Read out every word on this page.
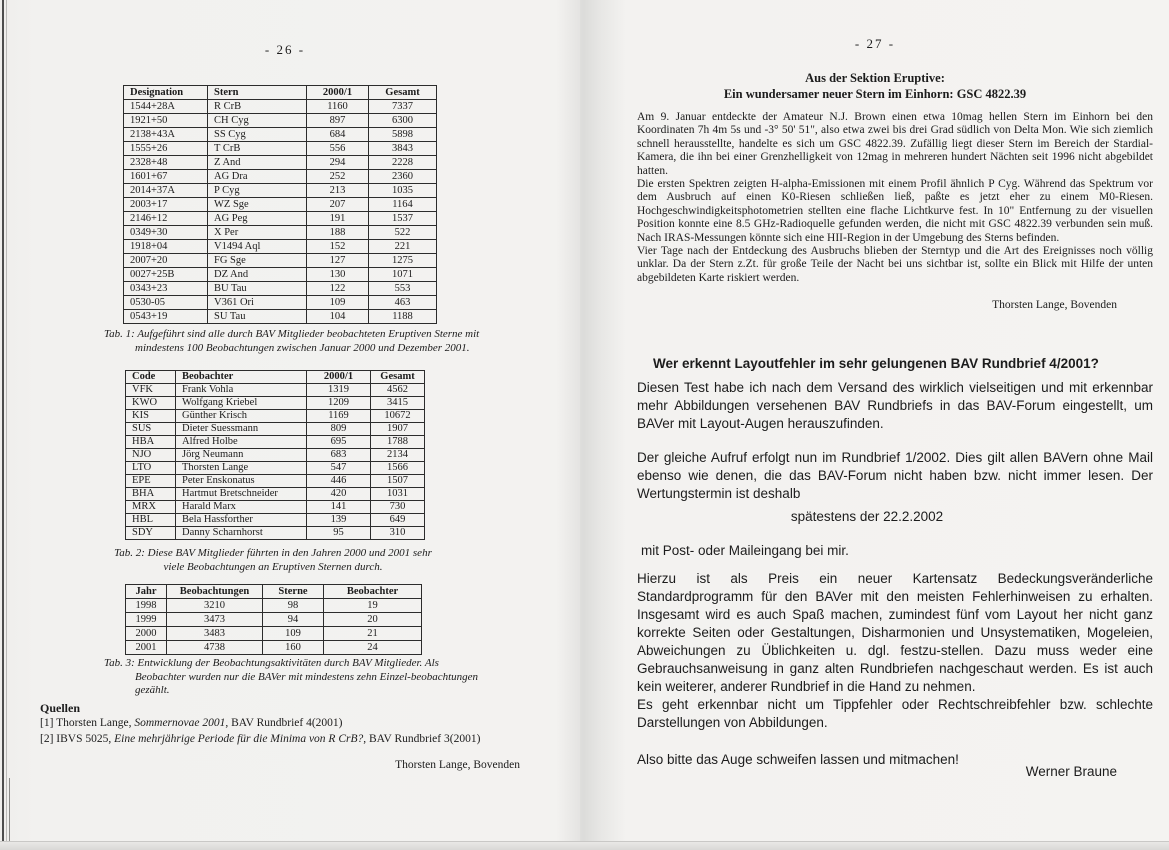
- 26 -
Designation	Stern	2000/1	Gesamt
1544+28A	R CrB	1160	7337
1921+50	CH Cyg	897	6300
2138+43A	SS Cyg	684	5898
1555+26	T CrB	556	3843
2328+48	Z And	294	2228
1601+67	AG Dra	252	2360
2014+37A	P Cyg	213	1035
2003+17	WZ Sge	207	1164
2146+12	AG Peg	191	1537
0349+30	X Per	188	522
1918+04	V1494 Aql	152	221
2007+20	FG Sge	127	1275
0027+25B	DZ And	130	1071
0343+23	BU Tau	122	553
0530-05	V361 Ori	109	463
0543+19	SU Tau	104	1188
Tab. 1: Aufgeführt sind alle durch BAV Mitglieder beobachteten Eruptiven Sterne mit mindestens 100 Beobachtungen zwischen Januar 2000 und Dezember 2001.
Code	Beobachter	2000/1	Gesamt
VFK	Frank Vohla	1319	4562
KWO	Wolfgang Kriebel	1209	3415
KIS	Günther Krisch	1169	10672
SUS	Dieter Suessmann	809	1907
HBA	Alfred Holbe	695	1788
NJO	Jörg Neumann	683	2134
LTO	Thorsten Lange	547	1566
EPE	Peter Enskonatus	446	1507
BHA	Hartmut Bretschneider	420	1031
MRX	Harald Marx	141	730
HBL	Bela Hassforther	139	649
SDY	Danny Scharnhorst	95	310
Tab. 2: Diese BAV Mitglieder führten in den Jahren 2000 und 2001 sehr viele Beobachtungen an Eruptiven Sternen durch.
Jahr	Beobachtungen	Sterne	Beobachter
1998	3210	98	19
1999	3473	94	20
2000	3483	109	21
2001	4738	160	24
Tab. 3: Entwicklung der Beobachtungsaktivitäten durch BAV Mitglieder. Als Beobachter wurden nur die BAVer mit mindestens zehn Einzel-beobachtungen gezählt.
Quellen
[1] Thorsten Lange, Sommernovae 2001, BAV Rundbrief 4(2001)
[2] IBVS 5025, Eine mehrjährige Periode für die Minima von R CrB?, BAV Rundbrief 3(2001)
Thorsten Lange, Bovenden
- 27 -
Aus der Sektion Eruptive:
Ein wundersamer neuer Stern im Einhorn: GSC 4822.39

Am 9. Januar entdeckte der Amateur N.J. Brown einen etwa 10mag hellen Stern im Einhorn bei den Koordinaten 7h 4m 5s und -3° 50' 51", also etwa zwei bis drei Grad südlich von Delta Mon. Wie sich ziemlich schnell herausstellte, handelte es sich um GSC 4822.39. Zufällig liegt dieser Stern im Bereich der Stardial-Kamera, die ihn bei einer Grenzhelligkeit von 12mag in mehreren hundert Nächten seit 1996 nicht abgebildet hatten.

Die ersten Spektren zeigten H-alpha-Emissionen mit einem Profil ähnlich P Cyg. Während das Spektrum vor dem Ausbruch auf einen K0-Riesen schließen ließ, paßte es jetzt eher zu einem M0-Riesen. Hochgeschwindigkeitsphotometrien stellten eine flache Lichtkurve fest. In 10" Entfernung zu der visuellen Position konnte eine 8.5 GHz-Radioquelle gefunden werden, die nicht mit GSC 4822.39 verbunden sein muß. Nach IRAS-Messungen könnte sich eine HII-Region in der Umgebung des Sterns befinden.

Vier Tage nach der Entdeckung des Ausbruchs blieben der Sterntyp und die Art des Ereignisses noch völlig unklar. Da der Stern z.Zt. für große Teile der Nacht bei uns sichtbar ist, sollte ein Blick mit Hilfe der unten abgebildeten Karte riskiert werden.

Thorsten Lange, Bovenden
Wer erkennt Layoutfehler im sehr gelungenen BAV Rundbrief 4/2001?
Diesen Test habe ich nach dem Versand des wirklich vielseitigen und mit erkennbar mehr Abbildungen versehenen BAV Rundbriefs in das BAV-Forum eingestellt, um BAVer mit Layout-Augen herauszufinden.
Der gleiche Aufruf erfolgt nun im Rundbrief 1/2002. Dies gilt allen BAVern ohne Mail ebenso wie denen, die das BAV-Forum nicht haben bzw. nicht immer lesen. Der Wertungstermin ist deshalb
spätestens der 22.2.2002
mit Post- oder Maileingang bei mir.

Hierzu ist als Preis ein neuer Kartensatz Bedeckungsveränderliche Standardprogramm für den BAVer mit den meisten Fehlerhinweisen zu erhalten. Insgesamt wird es auch Spaß machen, zumindest fünf vom Layout her nicht ganz korrekte Seiten oder Gestaltungen, Disharmonien und Unsystematiken, Mogeleien, Abweichungen zu Üblichkeiten u. dgl. festzu-stellen. Dazu muss weder eine Gebrauchsanweisung in ganz alten Rundbriefen nachgeschaut werden. Es ist auch kein weiterer, anderer Rundbrief in die Hand zu nehmen.

Es geht erkennbar nicht um Tippfehler oder Rechtschreibfehler bzw. schlechte Darstellungen von Abbildungen.

Also bitte das Auge schweifen lassen und mitmachen!
Werner Braune
